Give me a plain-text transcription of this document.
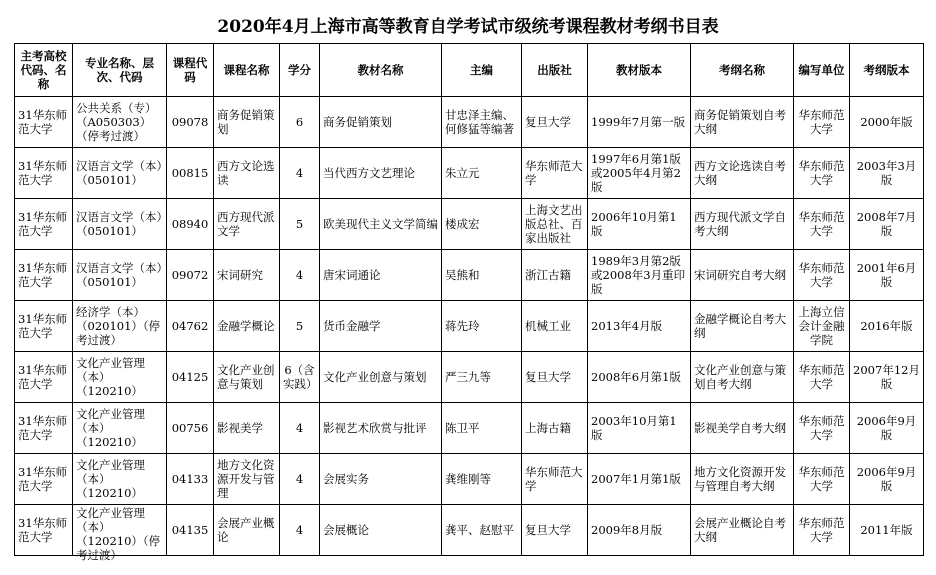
2020年4月上海市高等教育自学考试市级统考课程教材考纲书目表
主考高校代码、名称	专业名称、层次、代码	课程代码	课程名称	学分	教材名称	主编	出版社	教材版本	考纲名称	编写单位	考纲版本

31华东师范大学	公共关系（专）（A050303）（停考过渡）	09078	商务促销策划	6	商务促销策划	甘忠泽主编、何修猛等编著	复旦大学	1999年7月第一版	商务促销策划自考大纲	华东师范大学	2000年版

31华东师范大学	汉语言文学（本）（050101）	00815	西方文论选读	4	当代西方文艺理论	朱立元	华东师范大学	1997年6月第1版或2005年4月第2版	西方文论选读自考大纲	华东师范大学	2003年3月版

31华东师范大学	汉语言文学（本）（050101）	08940	西方现代派文学	5	欧美现代主义文学简编	楼成宏	上海文艺出版总社、百家出版社	2006年10月第1版	西方现代派文学自考大纲	华东师范大学	2008年7月版

31华东师范大学	汉语言文学（本）（050101）	09072	宋词研究	4	唐宋词通论	吴熊和	浙江古籍	1989年3月第2版或2008年3月重印版	宋词研究自考大纲	华东师范大学	2001年6月版

31华东师范大学	经济学（本）（020101）（停考过渡）	04762	金融学概论	5	货币金融学	蒋先玲	机械工业	2013年4月版	金融学概论自考大纲	上海立信会计金融学院	2016年版

31华东师范大学	文化产业管理（本）（120210）	04125	文化产业创意与策划	6（含实践）	文化产业创意与策划	严三九等	复旦大学	2008年6月第1版	文化产业创意与策划自考大纲	华东师范大学	2007年12月版

31华东师范大学	文化产业管理（本）（120210）	00756	影视美学	4	影视艺术欣赏与批评	陈卫平	上海古籍	2003年10月第1版	影视美学自考大纲	华东师范大学	2006年9月版

31华东师范大学	文化产业管理（本）（120210）	04133	地方文化资源开发与管理	4	会展实务	龚维刚等	华东师范大学	2007年1月第1版	地方文化资源开发与管理自考大纲	华东师范大学	2006年9月版

31华东师范大学	文化产业管理（本）（120210）（停考过渡）	04135	会展产业概论	4	会展概论	龚平、赵慰平	复旦大学	2009年8月版	会展产业概论自考大纲	华东师范大学	2011年版
